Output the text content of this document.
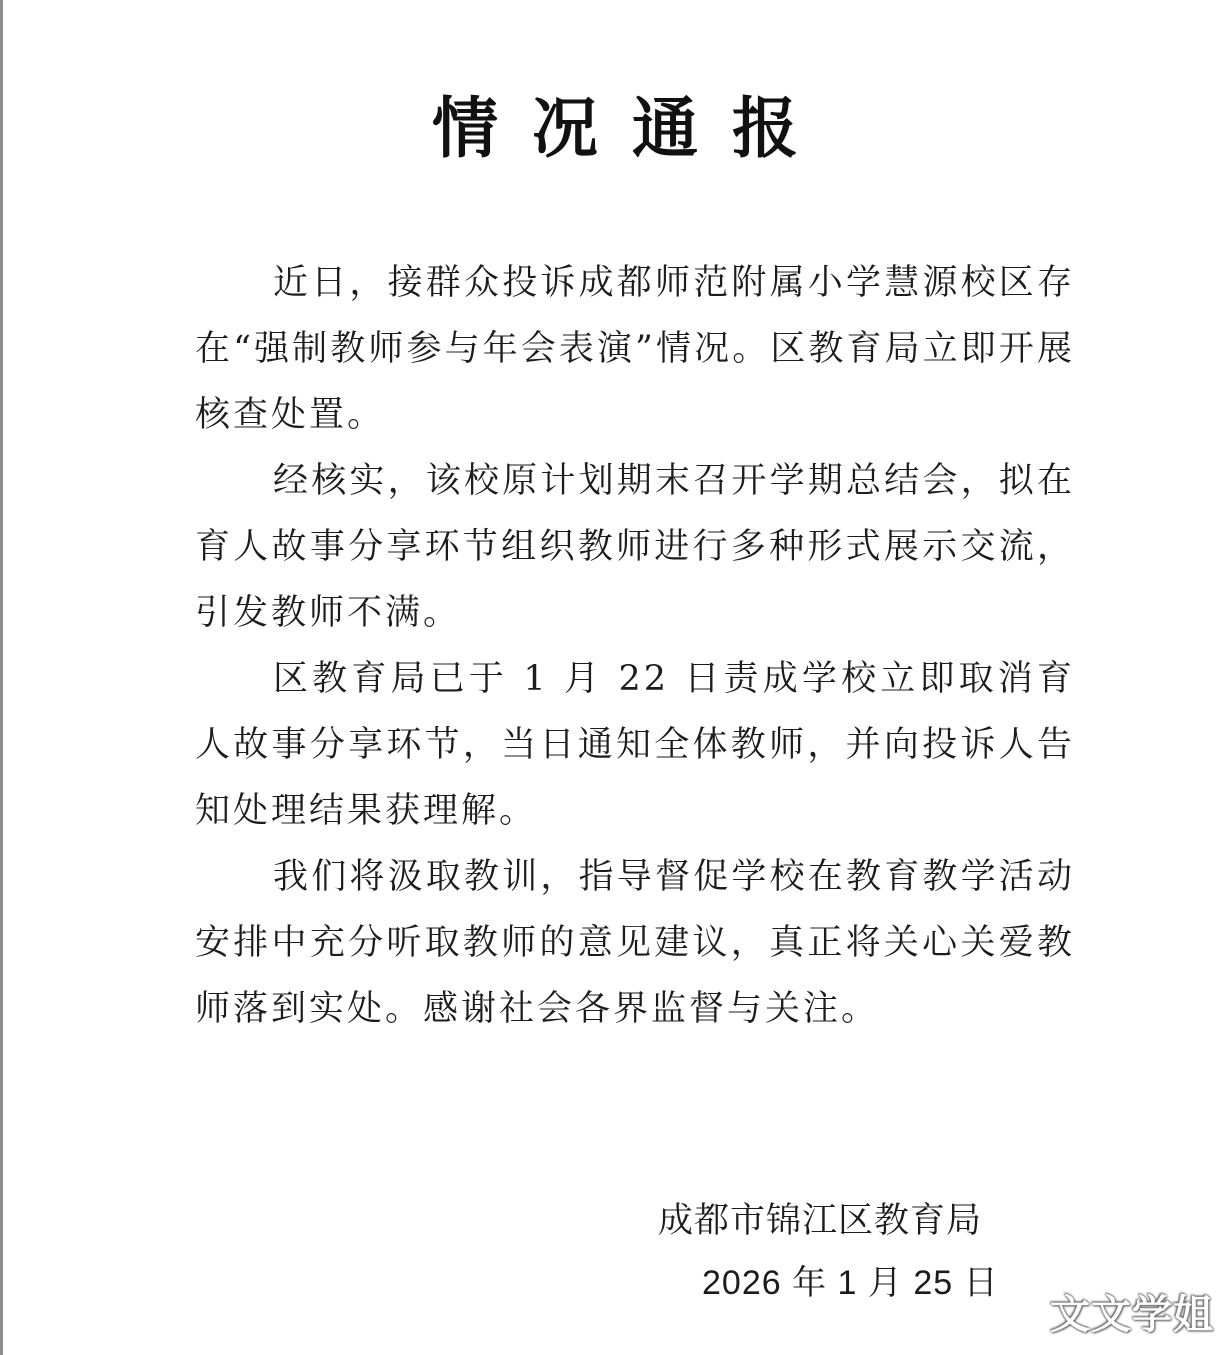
情况通报

近日，接群众投诉成都师范附属小学慧源校区存在“强制教师参与年会表演”情况。区教育局立即开展核查处置。

经核实，该校原计划期末召开学期总结会，拟在育人故事分享环节组织教师进行多种形式展示交流，引发教师不满。

区教育局已于 1 月 22 日责成学校立即取消育人故事分享环节，当日通知全体教师，并向投诉人告知处理结果获理解。

我们将汲取教训，指导督促学校在教育教学活动安排中充分听取教师的意见建议，真正将关心关爱教师落到实处。感谢社会各界监督与关注。

成都市锦江区教育局
2026 年 1 月 25 日
文文学姐
